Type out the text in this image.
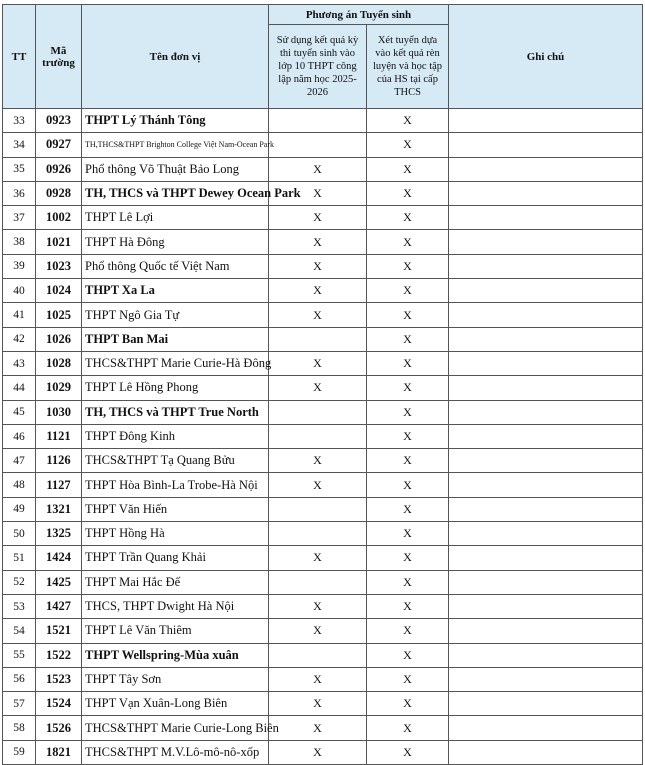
TT	Mã trường	Tên đơn vị	Phương án Tuyển sinh		Ghi chú
			Sử dụng kết quả kỳ thi tuyển sinh vào lớp 10 THPT công lập năm học 2025-2026	Xét tuyển dựa vào kết quả rèn luyện và học tập của HS tại cấp THCS	
33	0923	THPT Lý Thánh Tông		X	
34	0927	TH,THCS&THPT Brighton College Việt Nam-Ocean Park		X	
35	0926	Phổ thông Võ Thuật Bảo Long	X	X	
36	0928	TH, THCS và THPT Dewey Ocean Park	X	X	
37	1002	THPT Lê Lợi	X	X	
38	1021	THPT Hà Đông	X	X	
39	1023	Phổ thông Quốc tế Việt Nam	X	X	
40	1024	THPT Xa La	X	X	
41	1025	THPT Ngô Gia Tự	X	X	
42	1026	THPT Ban Mai		X	
43	1028	THCS&THPT Marie Curie-Hà Đông	X	X	
44	1029	THPT Lê Hồng Phong	X	X	
45	1030	TH, THCS và THPT True North		X	
46	1121	THPT Đông Kinh		X	
47	1126	THCS&THPT Tạ Quang Bửu	X	X	
48	1127	THPT Hòa Bình-La Trobe-Hà Nội	X	X	
49	1321	THPT Văn Hiến		X	
50	1325	THPT Hồng Hà		X	
51	1424	THPT Trần Quang Khải	X	X	
52	1425	THPT Mai Hắc Đế		X	
53	1427	THCS, THPT Dwight Hà Nội	X	X	
54	1521	THPT Lê Văn Thiêm	X	X	
55	1522	THPT Wellspring-Mùa xuân		X	
56	1523	THPT Tây Sơn	X	X	
57	1524	THPT Vạn Xuân-Long Biên	X	X	
58	1526	THCS&THPT Marie Curie-Long Biên	X	X	
59	1821	THCS&THPT M.V.Lô-mô-nô-xốp	X	X	
